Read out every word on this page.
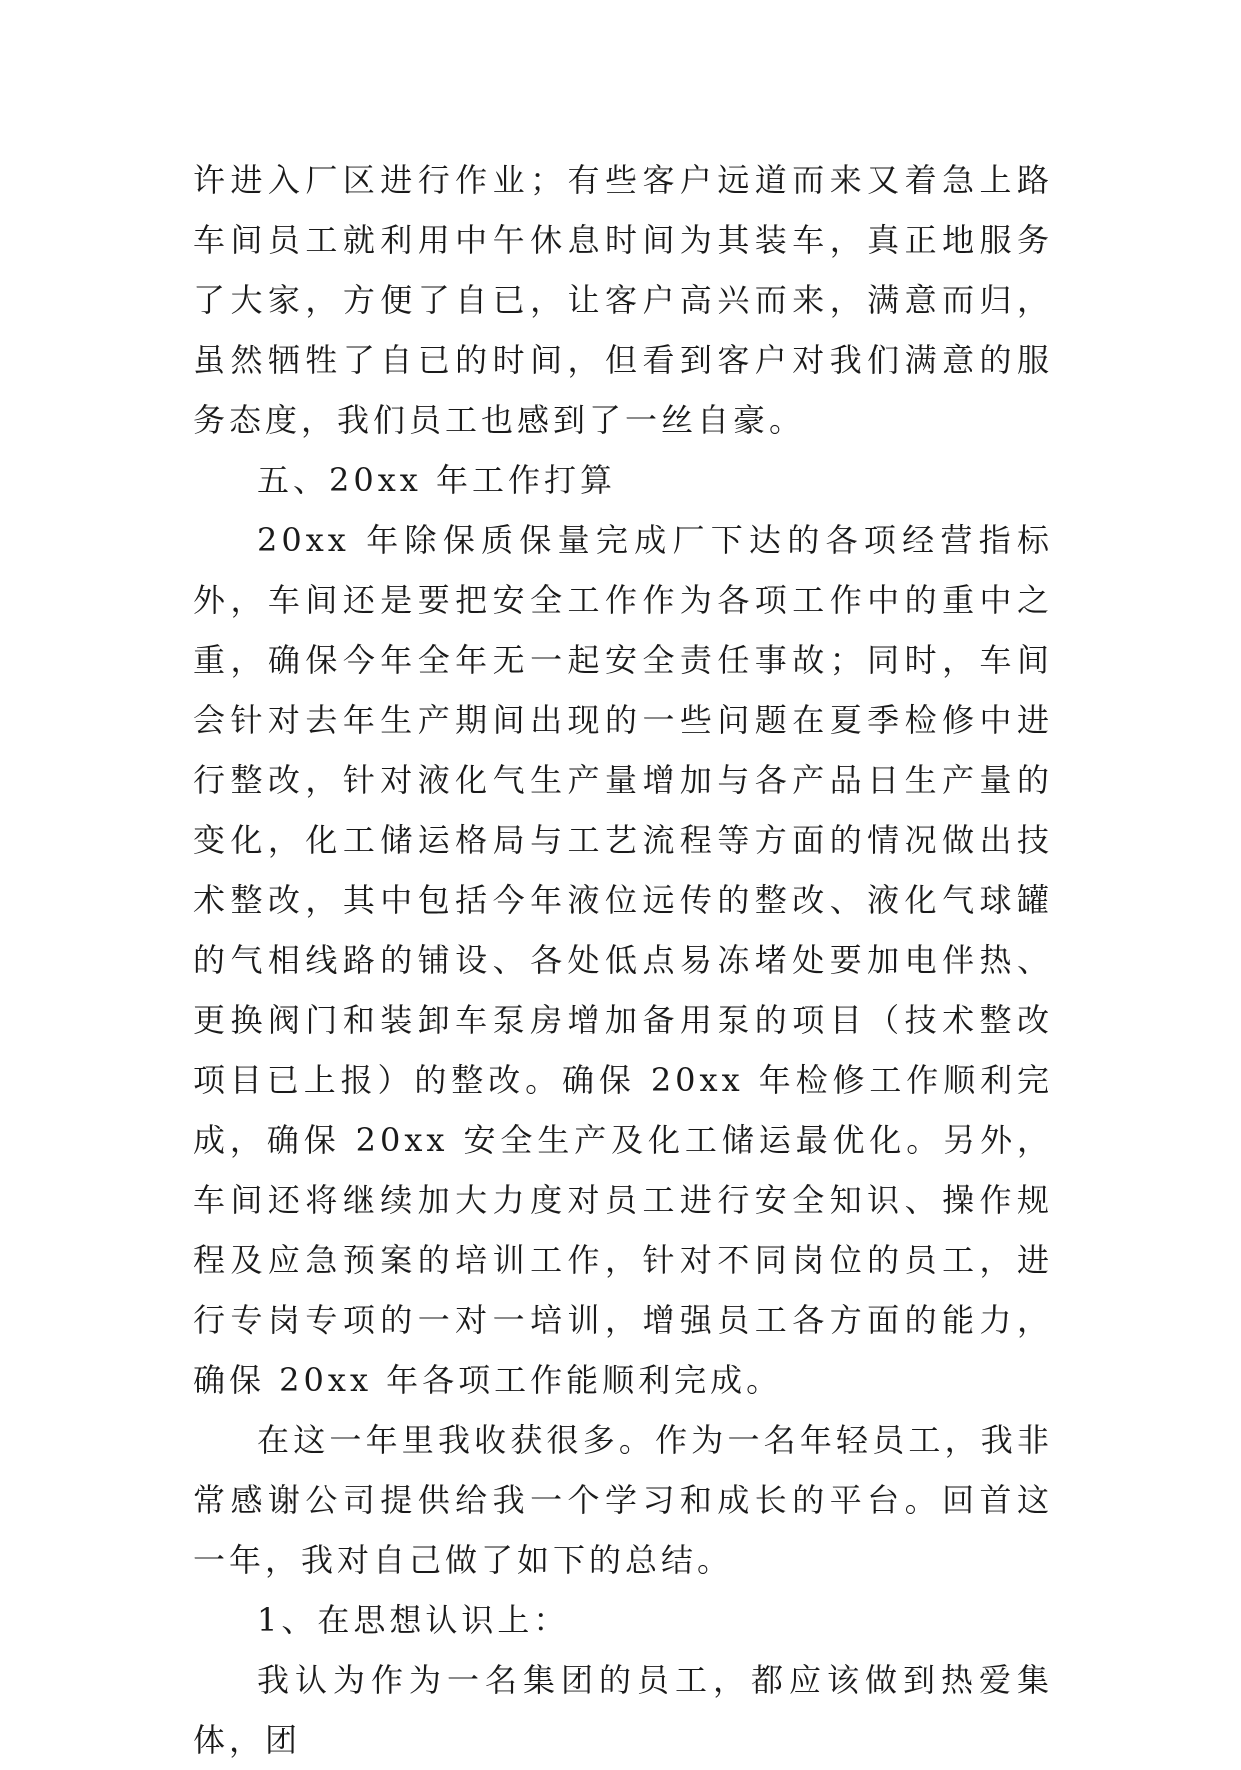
许进入厂区进行作业；有些客户远道而来又着急上路车间员工就利用中午休息时间为其装车，真正地服务了大家，方便了自已，让客户高兴而来，满意而归，虽然牺牲了自已的时间，但看到客户对我们满意的服务态度，我们员工也感到了一丝自豪。

五、20xx 年工作打算

20xx 年除保质保量完成厂下达的各项经营指标外，车间还是要把安全工作作为各项工作中的重中之重，确保今年全年无一起安全责任事故；同时，车间会针对去年生产期间出现的一些问题在夏季检修中进行整改，针对液化气生产量增加与各产品日生产量的变化，化工储运格局与工艺流程等方面的情况做出技术整改，其中包括今年液位远传的整改、液化气球罐的气相线路的铺设、各处低点易冻堵处要加电伴热、更换阀门和装卸车泵房增加备用泵的项目（技术整改项目已上报）的整改。确保 20xx 年检修工作顺利完成，确保 20xx 安全生产及化工储运最优化。另外，车间还将继续加大力度对员工进行安全知识、操作规程及应急预案的培训工作，针对不同岗位的员工，进行专岗专项的一对一培训，增强员工各方面的能力，确保 20xx 年各项工作能顺利完成。

在这一年里我收获很多。作为一名年轻员工，我非常感谢公司提供给我一个学习和成长的平台。回首这一年，我对自己做了如下的总结。

1、在思想认识上：

我认为作为一名集团的员工，都应该做到热爱集体，团
